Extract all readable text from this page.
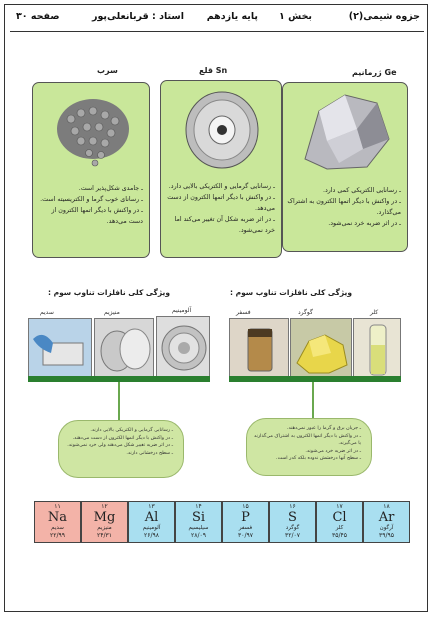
جزوه شیمی(۲)
بخش ۱
پایه یازدهم
استاد : قربانعلی‌پور
صفحه ۳۰
ژرمانیم Ge
قلع Sn
سرب

ـ رسانایی الکتریکی کمی دارد.

ـ در واکنش با دیگر اتمها الکترون به اشتراک می‌گذارد.

ـ در اثر ضربه خرد نمی‌شود.

ـ رسانایی گرمایی و الکتریکی بالایی دارد.

ـ در واکنش با دیگر اتمها الکترون از دست می‌دهد.

ـ در اثر ضربه شکل آن تغییر می‌کند اما خرد نمی‌شود.

ـ جامدی شکل‌پذیر است.

ـ رسانای خوب گرما و الکتریسیته است.

ـ در واکنش با دیگر اتمها الکترون از دست می‌دهد.

ویژگی کلی نافلزات تناوب سوم :
ویژگی کلی نافلزات تناوب سوم :
کلر
گوگرد
فسفر
آلومینیم
منیزیم
سدیم

ـ جریان برق و گرما را عبور نمی‌دهند.

ـ در واکنش با دیگر اتمها الکترون به اشتراک می‌گذارند یا می‌گیرند.

ـ در اثر ضربه خرد می‌شوند.

ـ سطح آنها درخشش ندوده بلکه کدر است.

ـ رسانایی گرمایی و الکتریکی بالایی دارند.

ـ در واکنش با دیگر اتمها الکترون از دست می‌دهند.

ـ در اثر ضربه تغییر شکل می‌دهند ولی خرد نمی‌شوند.

ـ سطح درخشانی دارند.

۱۱
Na
سدیم
۲۲/۹۹
۱۲
Mg
منیزیم
۲۴/۳۱
۱۳
Al
آلومینیم
۲۶/۹۸
۱۴
Si
سیلیسیم
۲۸/۰۹
۱۵
P
فسفر
۳۰/۹۷
۱۶
S
گوگرد
۳۲/۰۷
۱۷
Cl
کلر
۳۵/۴۵
۱۸
Ar
آرگون
۳۹/۹۵
